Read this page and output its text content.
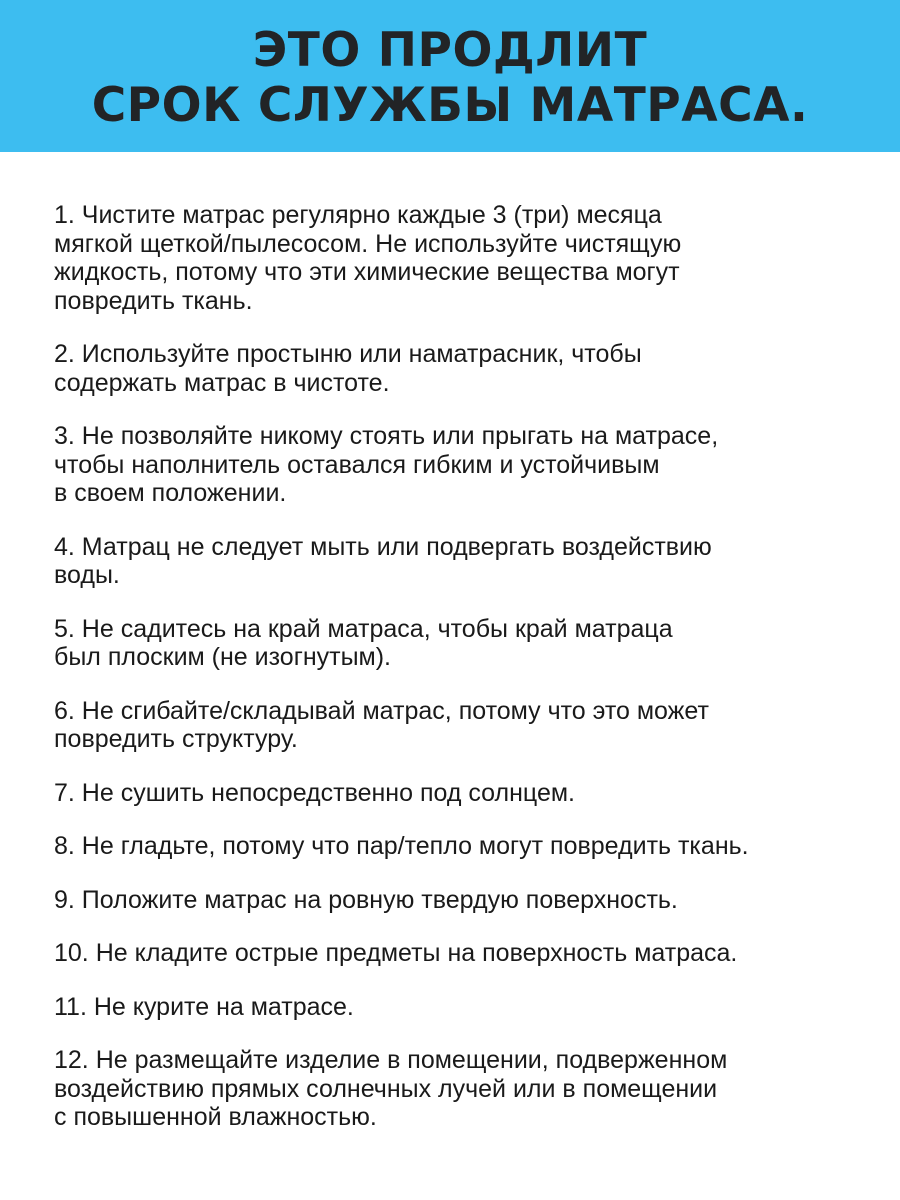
ЭТО ПРОДЛИТ
СРОК СЛУЖБЫ МАТРАСА.
1. Чистите матрас регулярно каждые 3 (три) месяца
мягкой щеткой/пылесосом. Не используйте чистящую
жидкость, потому что эти химические вещества могут
повредить ткань.
2. Используйте простыню или наматрасник, чтобы
содержать матрас в чистоте.
3. Не позволяйте никому стоять или прыгать на матрасе,
чтобы наполнитель оставался гибким и устойчивым
в своем положении.
4. Матрац не следует мыть или подвергать воздействию
воды.
5. Не садитесь на край матраса, чтобы край матраца
был плоским (не изогнутым).
6. Не сгибайте/складывай матрас, потому что это может
повредить структуру.
7. Не сушить непосредственно под солнцем.
8. Не гладьте, потому что пар/тепло могут повредить ткань.
9. Положите матрас на ровную твердую поверхность.
10. Не кладите острые предметы на поверхность матраса.
11. Не курите на матрасе.
12. Не размещайте изделие в помещении, подверженном
воздействию прямых солнечных лучей или в помещении
с повышенной влажностью.
